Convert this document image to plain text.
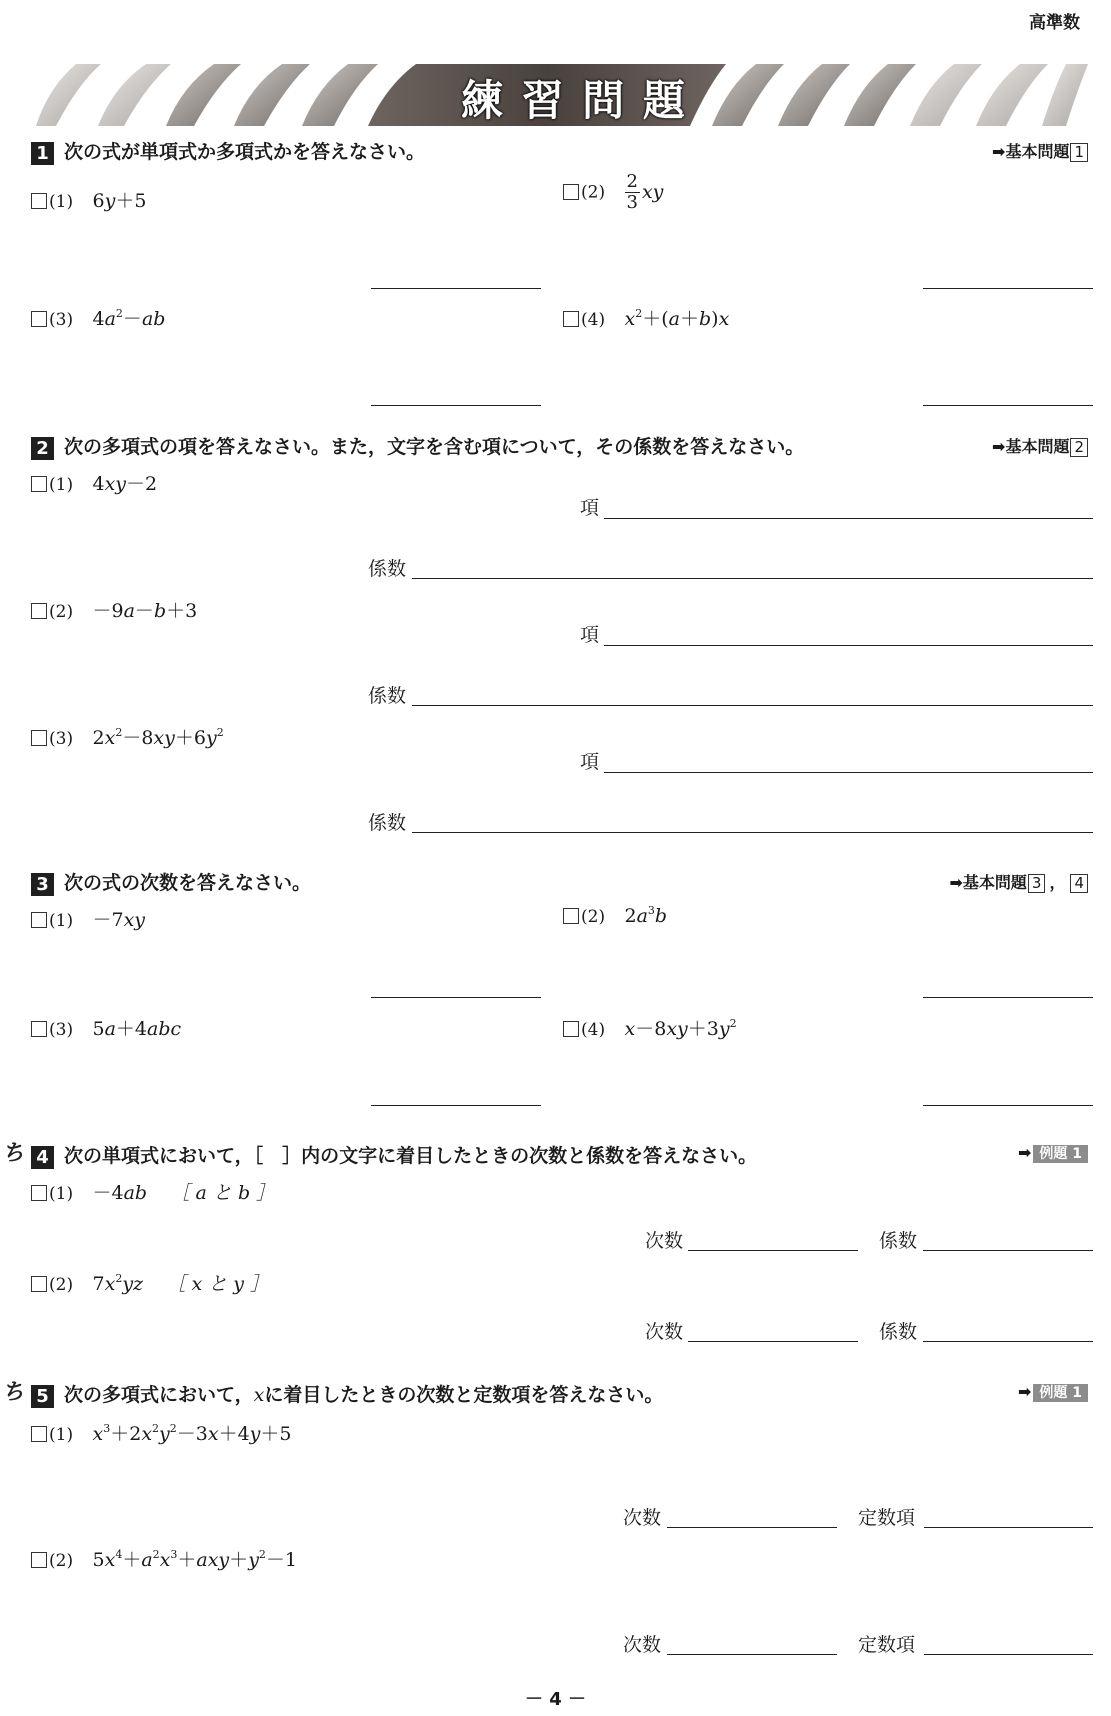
高準数
練 習 問 題
1 次の式が単項式か多項式かを答えなさい。	➡基本問題 1
(1) 6y＋5	$(2) \frac{2}{3}$ xy
(3) $4a^2-ab$	(4) $x^2+(a+b)x$
2 次の多項式の項を答えなさい。また，文字を含む項について，その係数を答えなさい。	➡基本問題 2
(1) 4xy－2
項
係数
(2) －9a－b＋3
項
係数
(3) $2x^2-8xy+6y^2$
項
係数
3 次の式の次数を答えなさい。	➡基本問題 3 ， 4
(1) －7xy	(2) $2a^3b$
(3) 5a＋4abc	(4) $x-8xy+3y^2$
ち 4 次の単項式において，［　］内の文字に着目したときの次数と係数を答えなさい。	➡ 例題 1
(1) －4ab ［ a と b ］
次数	係数
(2) $7x^2yz$ ［ x と y ］
次数	係数
ち 5 次の多項式において，xに着目したときの次数と定数項を答えなさい。	➡ 例題 1
(1) $x^3+2x^2y^2-3x+4y+5$
次数	定数項
(2) $5x^4+a^2x^3+axy+y^2-1$
次数	定数項
－ 4 －
